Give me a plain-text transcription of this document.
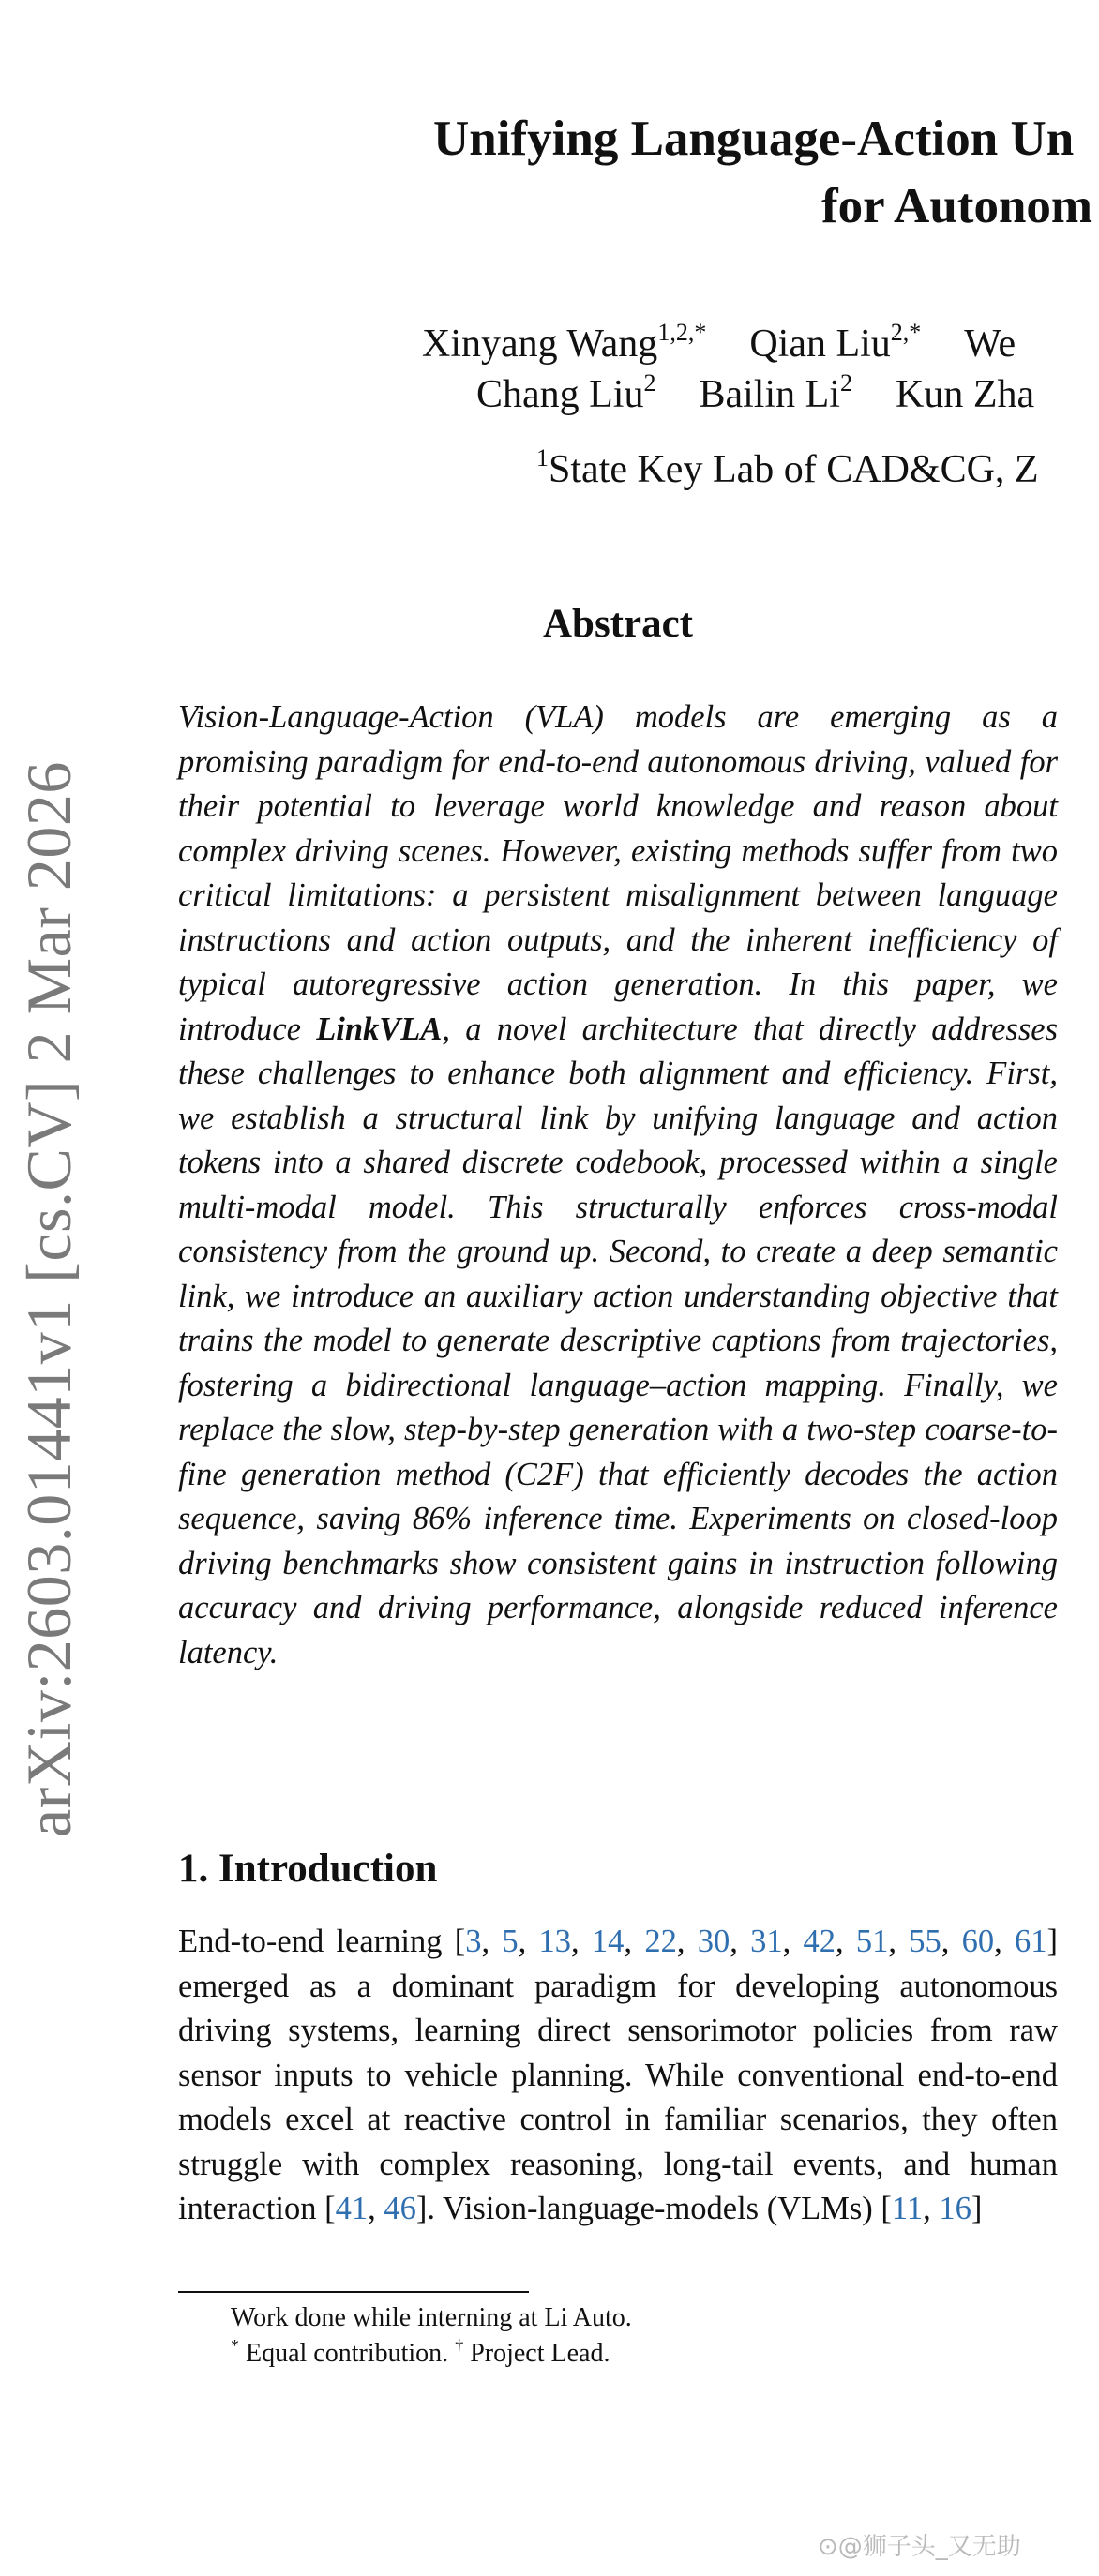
arXiv:2603.01441v1 [cs.CV] 2 Mar 2026
Unifying Language-Action Un
for Autonom
Xinyang Wang$^{1,2,*}$ Qian Liu$^{2,*}$ We
Chang Liu$^2$ Bailin Li$^2$ Kun Zha
$^1$State Key Lab of CAD&CG, Z
Abstract
Vision-Language-Action (VLA) models are emerging as a promising paradigm for end-to-end autonomous driving, valued for their potential to leverage world knowledge and reason about complex driving scenes. However, existing methods suffer from two critical limitations: a persistent misalignment between language instructions and action outputs, and the inherent inefficiency of typical autoregressive action generation. In this paper, we introduce LinkVLA, a novel architecture that directly addresses these challenges to enhance both alignment and efficiency. First, we establish a structural link by unifying language and action tokens into a shared discrete codebook, processed within a single multi-modal model. This structurally enforces cross-modal consistency from the ground up. Second, to create a deep semantic link, we introduce an auxiliary action understanding objective that trains the model to generate descriptive captions from trajectories, fostering a bidirectional language–action mapping. Finally, we replace the slow, step-by-step generation with a two-step coarse-to-fine generation method (C2F) that efficiently decodes the action sequence, saving 86% inference time. Experiments on closed-loop driving benchmarks show consistent gains in instruction following accuracy and driving performance, alongside reduced inference latency.
1. Introduction
End-to-end learning [3, 5, 13, 14, 22, 30, 31, 42, 51, 55, 60, 61] emerged as a dominant paradigm for developing autonomous driving systems, learning direct sensorimotor policies from raw sensor inputs to vehicle planning. While conventional end-to-end models excel at reactive control in familiar scenarios, they often struggle with complex reasoning, long-tail events, and human interaction [41, 46]. Vision-language-models (VLMs) [11, 16]
Work done while interning at Li Auto.
* Equal contribution. † Project Lead.
⊙@狮子头_又无助
